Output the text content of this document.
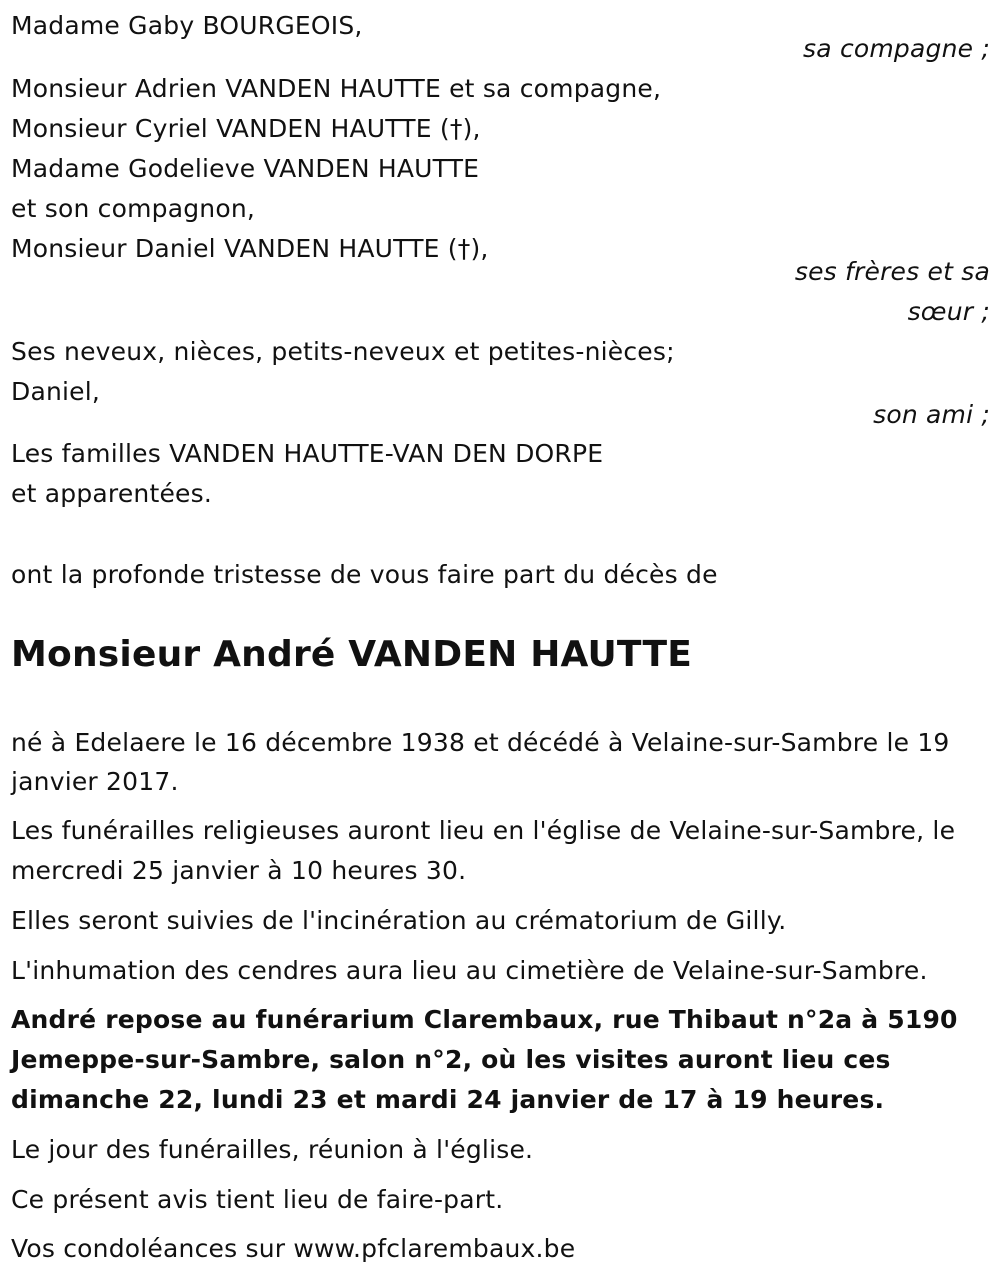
Madame Gaby BOURGEOIS,
sa compagne ;
Monsieur Adrien VANDEN HAUTTE et sa compagne,
Monsieur Cyriel VANDEN HAUTTE (†),
Madame Godelieve VANDEN HAUTTE
et son compagnon,
Monsieur Daniel VANDEN HAUTTE (†),
ses frères et sa
sœur ;
Ses neveux, nièces, petits-neveux et petites-nièces;
Daniel,
son ami ;
Les familles VANDEN HAUTTE-VAN DEN DORPE
et apparentées.
ont la profonde tristesse de vous faire part du décès de
Monsieur André VANDEN HAUTTE
né à Edelaere le 16 décembre 1938 et décédé à Velaine-sur-Sambre le 19
janvier 2017.
Les funérailles religieuses auront lieu en l'église de Velaine-sur-Sambre, le
mercredi 25 janvier à 10 heures 30.
Elles seront suivies de l'incinération au crématorium de Gilly.
L'inhumation des cendres aura lieu au cimetière de Velaine-sur-Sambre.
André repose au funérarium Clarembaux, rue Thibaut n°2a à 5190
Jemeppe-sur-Sambre, salon n°2, où les visites auront lieu ces
dimanche 22, lundi 23 et mardi 24 janvier de 17 à 19 heures.
Le jour des funérailles, réunion à l'église.
Ce présent avis tient lieu de faire-part.
Vos condoléances sur www.pfclarembaux.be
